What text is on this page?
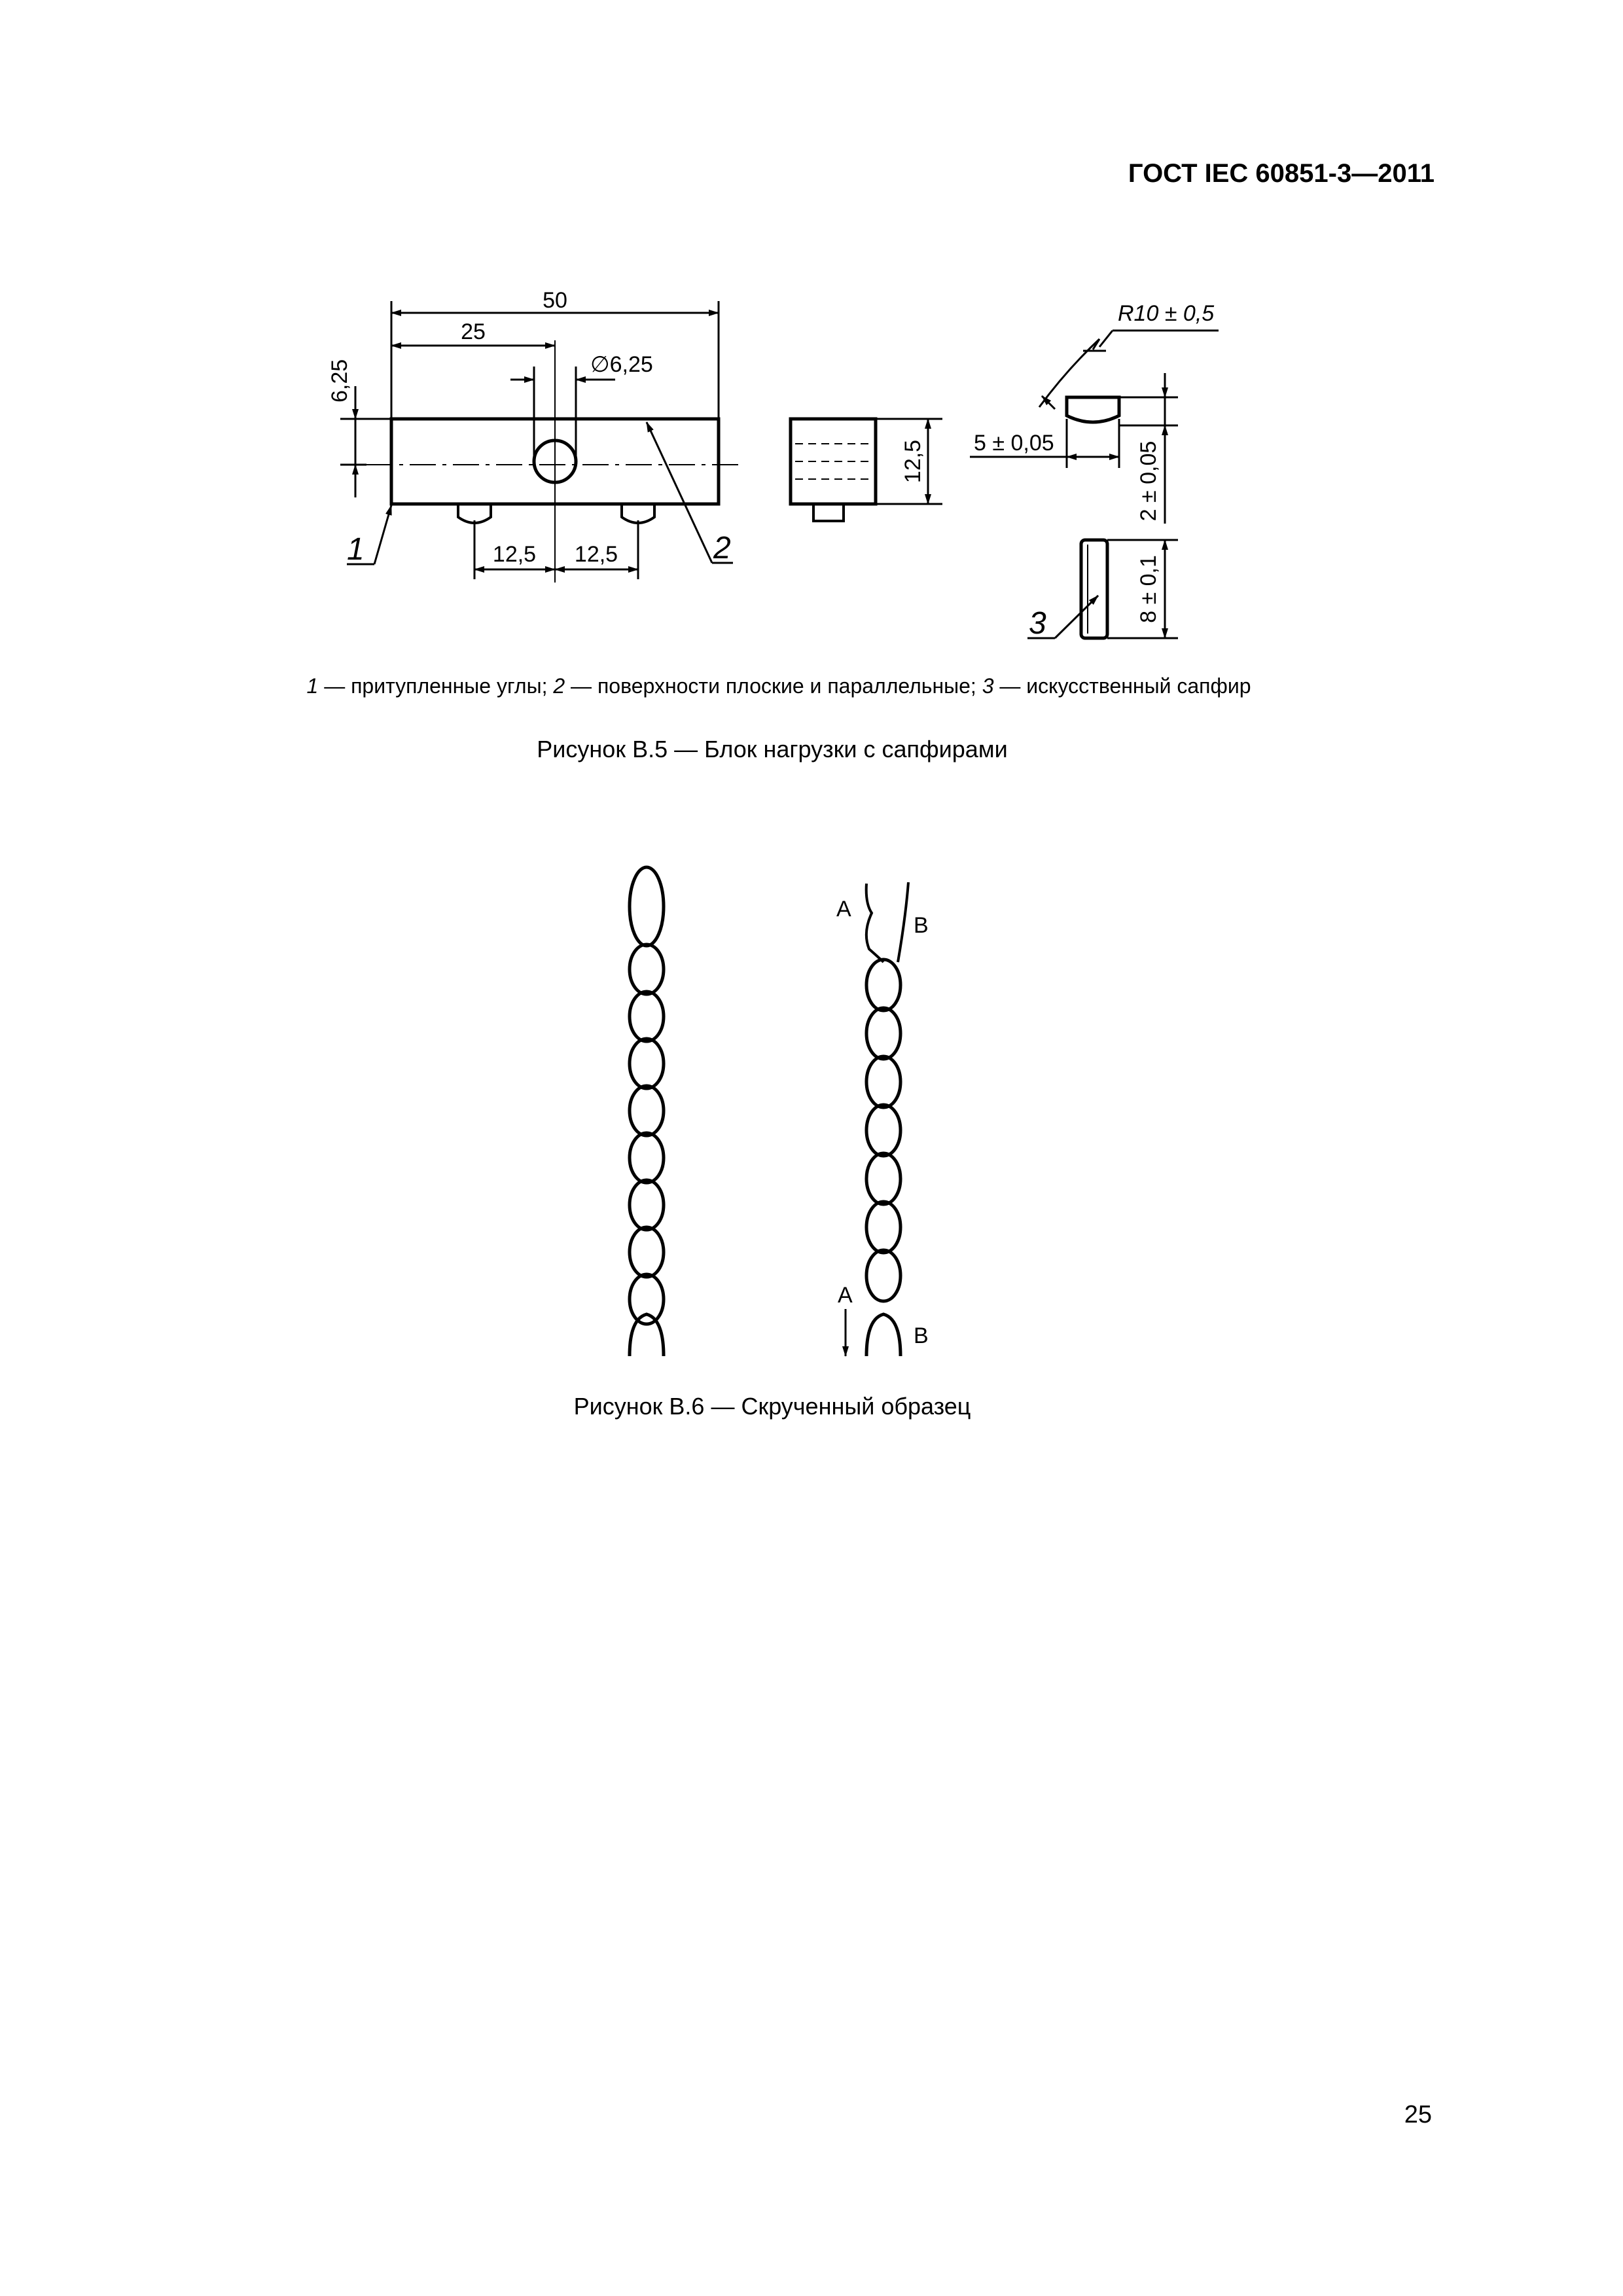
ГОСТ IEC 60851-3—2011
50
25
∅6,25
6,25
12,5 12,5
12,5
R10 ± 0,5
5 ± 0,05	2 ± 0,05
8 ± 0,1
1	2
3
1 — притупленные углы; 2 — поверхности плоские и параллельные; 3 — искусственный сапфир
Рисунок В.5 — Блок нагрузки с сапфирами
A
B
A
B
Рисунок В.6 — Скрученный образец
25
